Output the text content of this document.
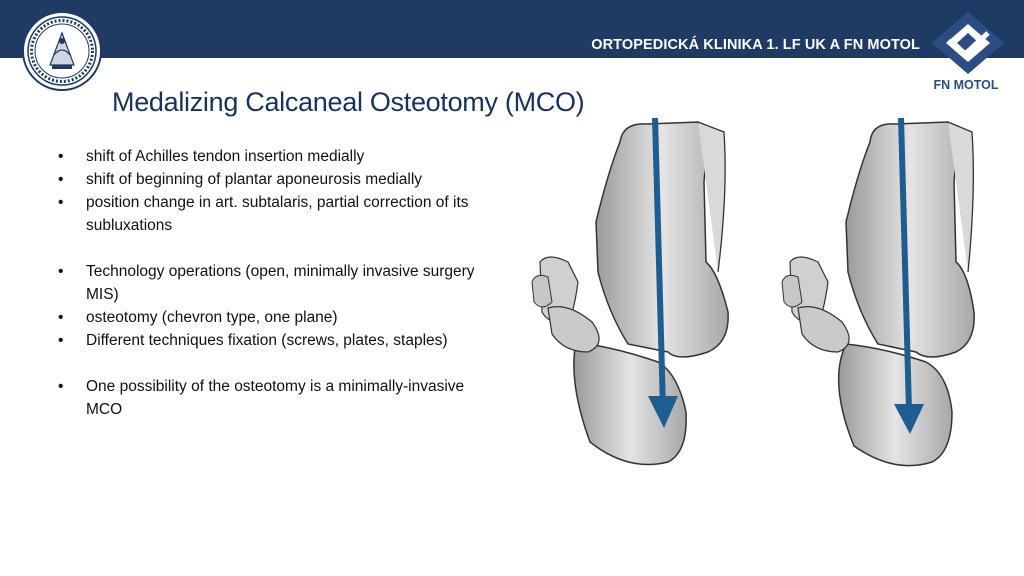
ORTOPEDICKÁ KLINIKA 1. LF UK A FN MOTOL
FN MOTOL
Medalizing Calcaneal Osteotomy (MCO)
• shift of Achilles tendon insertion medially
• shift of beginning of plantar aponeurosis medially
• position change in art. subtalaris, partial correction of its subluxations
• Technology operations (open, minimally invasive surgery MIS)
• osteotomy (chevron type, one plane)
• Different techniques fixation (screws, plates, staples)
• One possibility of the osteotomy is a minimally-invasive MCO
